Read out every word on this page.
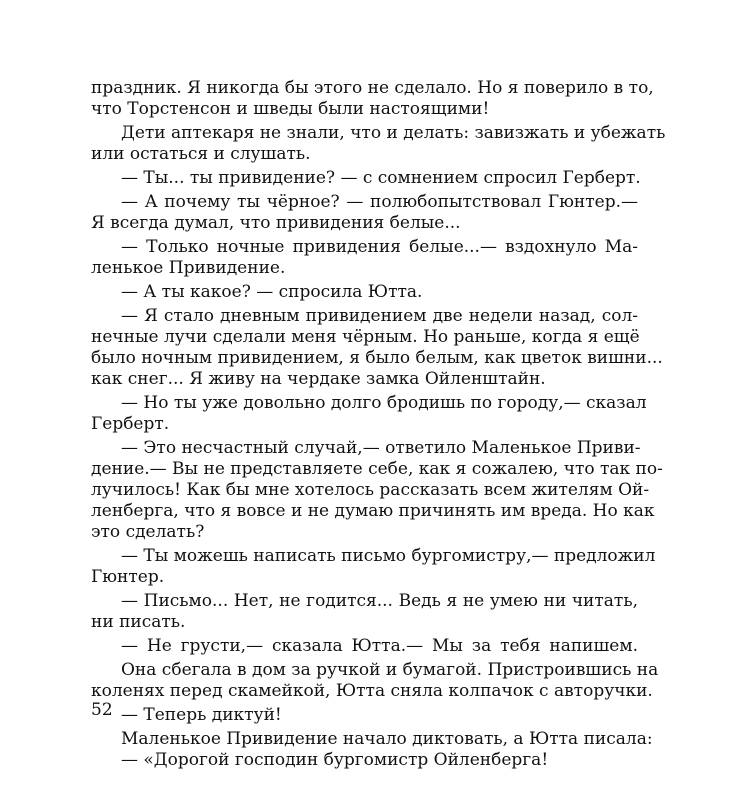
праздник. Я никогда бы этого не сделало. Но я поверило в то,
что Торстенсон и шведы были настоящими!
Дети аптекаря не знали, что и делать: завизжать и убежать
или остаться и слушать.
— Ты... ты привидение? — с сомнением спросил Герберт.
— А почему ты чёрное? — полюбопытствовал Гюнтер.—
Я всегда думал, что привидения белые...
— Только ночные привидения белые...— вздохнуло Ма-
ленькое Привидение.
— А ты какое? — спросила Ютта.
— Я стало дневным привидением две недели назад, сол-
нечные лучи сделали меня чёрным. Но раньше, когда я ещё
было ночным привидением, я было белым, как цветок вишни...
как снег... Я живу на чердаке замка Ойленштайн.
— Но ты уже довольно долго бродишь по городу,— сказал
Герберт.
— Это несчастный случай,— ответило Маленькое Приви-
дение.— Вы не представляете себе, как я сожалею, что так по-
лучилось! Как бы мне хотелось рассказать всем жителям Ой-
ленберга, что я вовсе и не думаю причинять им вреда. Но как
это сделать?
— Ты можешь написать письмо бургомистру,— предложил
Гюнтер.
— Письмо... Нет, не годится... Ведь я не умею ни читать,
ни писать.
— Не грусти,— сказала Ютта.— Мы за тебя напишем.
Она сбегала в дом за ручкой и бумагой. Пристроившись на
коленях перед скамейкой, Ютта сняла колпачок с авторучки.
— Теперь диктуй!
Маленькое Привидение начало диктовать, а Ютта писала:
— «Дорогой господин бургомистр Ойленберга!
52
